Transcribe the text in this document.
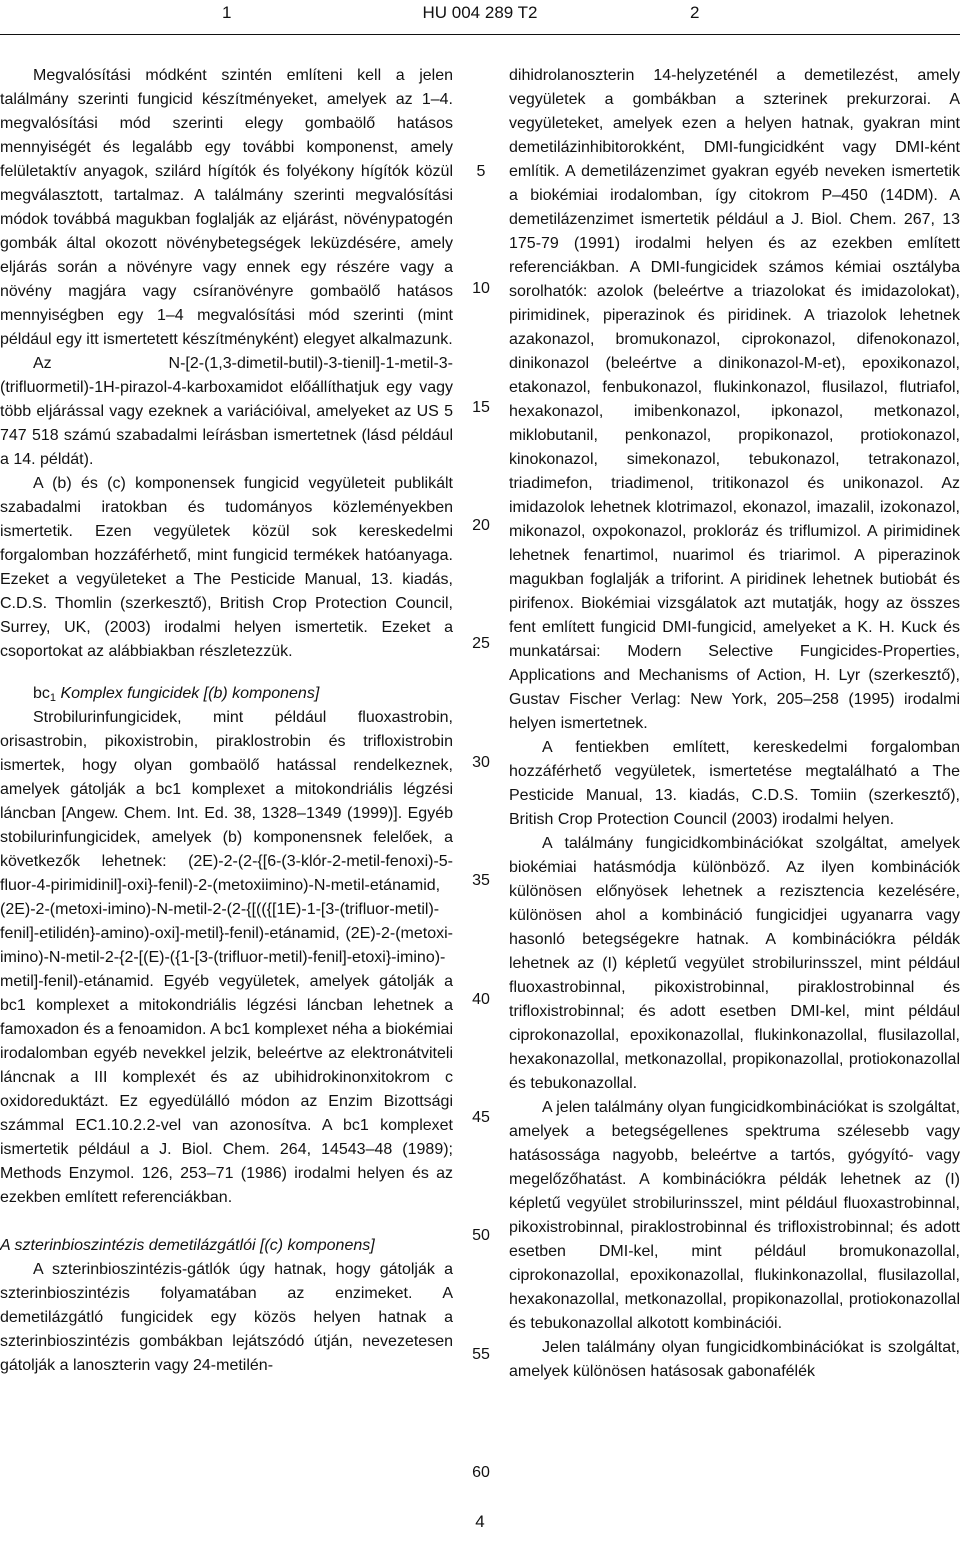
1	HU 004 289 T2	2

Megvalósítási módként szintén említeni kell a jelen találmány szerinti fungicid készítményeket, amelyek az 1–4. megvalósítási mód szerinti elegy gombaölő hatásos mennyiségét és legalább egy további komponenst, amely felületaktív anyagok, szilárd hígítók és folyékony hígítók közül megválasztott, tartalmaz. A találmány szerinti megvalósítási módok továbbá magukban foglalják az eljárást, növénypatogén gombák által okozott növénybetegségek leküzdésére, amely eljárás során a növényre vagy ennek egy részére vagy a növény magjára vagy csíranövényre gombaölő hatásos mennyiségben egy 1–4 megvalósítási mód szerinti (mint például egy itt ismertetett készítményként) elegyet alkalmazunk.

Az N-[2-(1,3-dimetil-butil)-3-tienil]-1-metil-3-(trifluormetil)-1H-pirazol-4-karboxamidot előállíthatjuk egy vagy több eljárással vagy ezeknek a variációival, amelyeket az US 5 747 518 számú szabadalmi leírásban ismertetnek (lásd például a 14. példát).

A (b) és (c) komponensek fungicid vegyületeit publikált szabadalmi iratokban és tudományos közleményekben ismertetik. Ezen vegyületek közül sok kereskedelmi forgalomban hozzáférhető, mint fungicid termékek hatóanyaga. Ezeket a vegyületeket a The Pesticide Manual, 13. kiadás, C.D.S. Thomlin (szerkesztő), British Crop Protection Council, Surrey, UK, (2003) irodalmi helyen ismertetik. Ezeket a csoportokat az alábbiakban részletezzük.

$bc_1$ Komplex fungicidek [(b) komponens]

Strobilurinfungicidek, mint például fluoxastrobin, orisastrobin, pikoxistrobin, piraklostrobin és trifloxistrobin ismertek, hogy olyan gombaölő hatással rendelkeznek, amelyek gátolják a bc1 komplexet a mitokondriális légzési láncban [Angew. Chem. Int. Ed. 38, 1328–1349 (1999)]. Egyéb stobilurinfungicidek, amelyek (b) komponensnek felelőek, a következők lehetnek: (2E)-2-(2-{[6-(3-klór-2-metil-fenoxi)-5-fluor-4-pirimidinil]-oxi}-fenil)-2-(metoxiimino)-N-metil-etánamid, (2E)-2-(metoxi-imino)-N-metil-2-(2-{[(({[1E)-1-[3-(trifluor-metil)-fenil]-etilidén}-amino)-oxi]-metil}-fenil)-etánamid, (2E)-2-(metoxi-imino)-N-metil-2-{2-[(E)-({1-[3-(trifluor-metil)-fenil]-etoxi}-imino)-metil]-fenil)-etánamid. Egyéb vegyületek, amelyek gátolják a bc1 komplexet a mitokondriális légzési láncban lehetnek a famoxadon és a fenoamidon. A bc1 komplexet néha a biokémiai irodalomban egyéb nevekkel jelzik, beleértve az elektronátviteli láncnak a III komplexét és az ubihidrokinonxitokrom c oxidoreduktázt. Ez egyedülálló módon az Enzim Bizottsági számmal EC1.10.2.2-vel van azonosítva. A bc1 komplexet ismertetik például a J. Biol. Chem. 264, 14543–48 (1989); Methods Enzymol. 126, 253–71 (1986) irodalmi helyen és az ezekben említett referenciákban.

A szterinbioszintézis demetilázgátlói [(c) komponens]

A szterinbioszintézis-gátlók úgy hatnak, hogy gátolják a szterinbioszintézis folyamatában az enzimeket. A demetilázgátló fungicidek egy közös helyen hatnak a szterinbioszintézis gombákban lejátszódó útján, nevezetesen gátolják a lanoszterin vagy 24-metilén-

dihidrolanoszterin 14-helyzeténél a demetilezést, amely vegyületek a gombákban a szterinek prekurzorai. A vegyületeket, amelyek ezen a helyen hatnak, gyakran mint demetilázinhibitorokként, DMI-fungicidként vagy DMI-ként említik. A demetilázenzimet gyakran egyéb neveken ismertetik a biokémiai irodalomban, így citokrom P–450 (14DM). A demetilázenzimet ismertetik például a J. Biol. Chem. 267, 13 175-79 (1991) irodalmi helyen és az ezekben említett referenciákban. A DMI-fungicidek számos kémiai osztályba sorolhatók: azolok (beleértve a triazolokat és imidazolokat), pirimidinek, piperazinok és piridinek. A triazolok lehetnek azakonazol, bromukonazol, ciprokonazol, difenokonazol, dinikonazol (beleértve a dinikonazol-M-et), epoxikonazol, etakonazol, fenbukonazol, flukinkonazol, flusilazol, flutriafol, hexakonazol, imibenkonazol, ipkonazol, metkonazol, miklobutanil, penkonazol, propikonazol, protiokonazol, kinokonazol, simekonazol, tebukonazol, tetrakonazol, triadimefon, triadimenol, tritikonazol és unikonazol. Az imidazolok lehetnek klotrimazol, ekonazol, imazalil, izokonazol, mikonazol, oxpokonazol, prokloráz és triflumizol. A pirimidinek lehetnek fenartimol, nuarimol és triarimol. A piperazinok magukban foglalják a triforint. A piridinek lehetnek butiobát és pirifenox. Biokémiai vizsgálatok azt mutatják, hogy az összes fent említett fungicid DMI-fungicid, amelyeket a K. H. Kuck és munkatársai: Modern Selective Fungicides-Properties, Applications and Mechanisms of Action, H. Lyr (szerkesztő), Gustav Fischer Verlag: New York, 205–258 (1995) irodalmi helyen ismertetnek.

A fentiekben említett, kereskedelmi forgalomban hozzáférhető vegyületek, ismertetése megtalálható a The Pesticide Manual, 13. kiadás, C.D.S. Tomiin (szerkesztő), British Crop Protection Council (2003) irodalmi helyen.

A találmány fungicidkombinációkat szolgáltat, amelyek biokémiai hatásmódja különböző. Az ilyen kombinációk különösen előnyösek lehetnek a rezisztencia kezelésére, különösen ahol a kombináció fungicidjei ugyanarra vagy hasonló betegségekre hatnak. A kombinációkra példák lehetnek az (I) képletű vegyület strobilurinsszel, mint például fluoxastrobinnal, pikoxistrobinnal, piraklostrobinnal és trifloxistrobinnal; és adott esetben DMI-kel, mint például ciprokonazollal, epoxikonazollal, flukinkonazollal, flusilazollal, hexakonazollal, metkonazollal, propikonazollal, protiokonazollal és tebukonazollal.

A jelen találmány olyan fungicidkombinációkat is szolgáltat, amelyek a betegségellenes spektruma szélesebb vagy hatásossága nagyobb, beleértve a tartós, gyógyító- vagy megelőzőhatást. A kombinációkra példák lehetnek az (I) képletű vegyület strobilurinsszel, mint például fluoxastrobinnal, pikoxistrobinnal, piraklostrobinnal és trifloxistrobinnal; és adott esetben DMI-kel, mint például bromukonazollal, ciprokonazollal, epoxikonazollal, flukinkonazollal, flusilazollal, hexakonazollal, metkonazollal, propikonazollal, protiokonazollal és tebukonazollal alkotott kombinációi.

Jelen találmány olyan fungicidkombinációkat is szolgáltat, amelyek különösen hatásosak gabonafélék

5
10
15
20
25
30
35
40
45
50
55
60
4
